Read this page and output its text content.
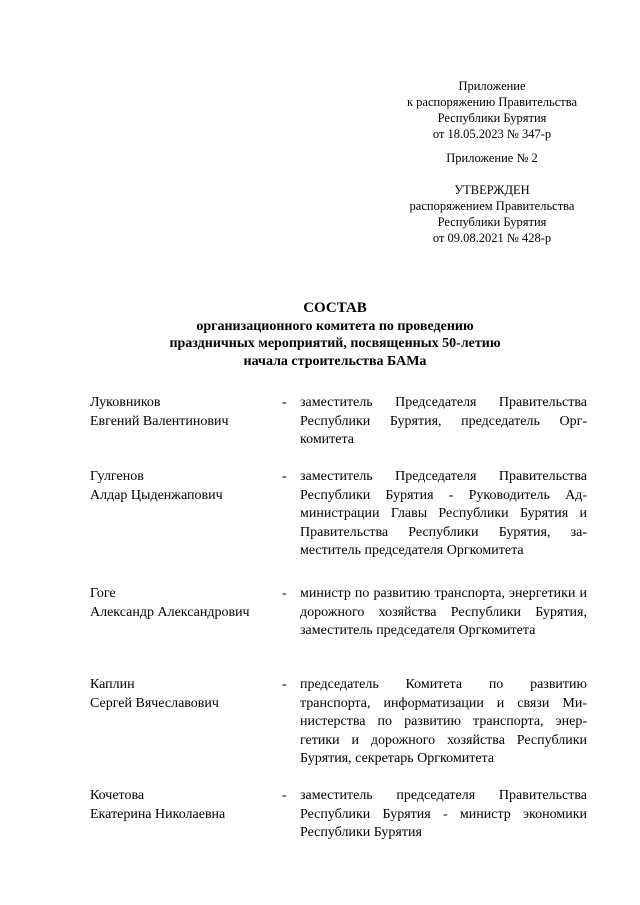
Приложение
к распоряжению Правительства
Республики Бурятия
от 18.05.2023 № 347-р
Приложение № 2
УТВЕРЖДЕН
распоряжением Правительства
Республики Бурятия
от 09.08.2021 № 428-р
СОСТАВ
организационного комитета по проведению
праздничных мероприятий, посвященных 50-летию
начала строительства БАМа
Луковников
Евгений Валентинович
- заместитель Председателя Правительства Республики Бурятия, председатель Оргкомитета
Гулгенов
Алдар Цыденжапович
- заместитель Председателя Правительства Республики Бурятия - Руководитель Администрации Главы Республики Бурятия и Правительства Республики Бурятия, заместитель председателя Оргкомитета
Гоге
Александр Александрович
- министр по развитию транспорта, энергетики и дорожного хозяйства Республики Бурятия, заместитель председателя Оргкомитета
Каплин
Сергей Вячеславович
- председатель Комитета по развитию транспорта, информатизации и связи Министерства по развитию транспорта, энергетики и дорожного хозяйства Республики Бурятия, секретарь Оргкомитета
Кочетова
Екатерина Николаевна
- заместитель председателя Правительства Республики Бурятия - министр экономики Республики Бурятия
